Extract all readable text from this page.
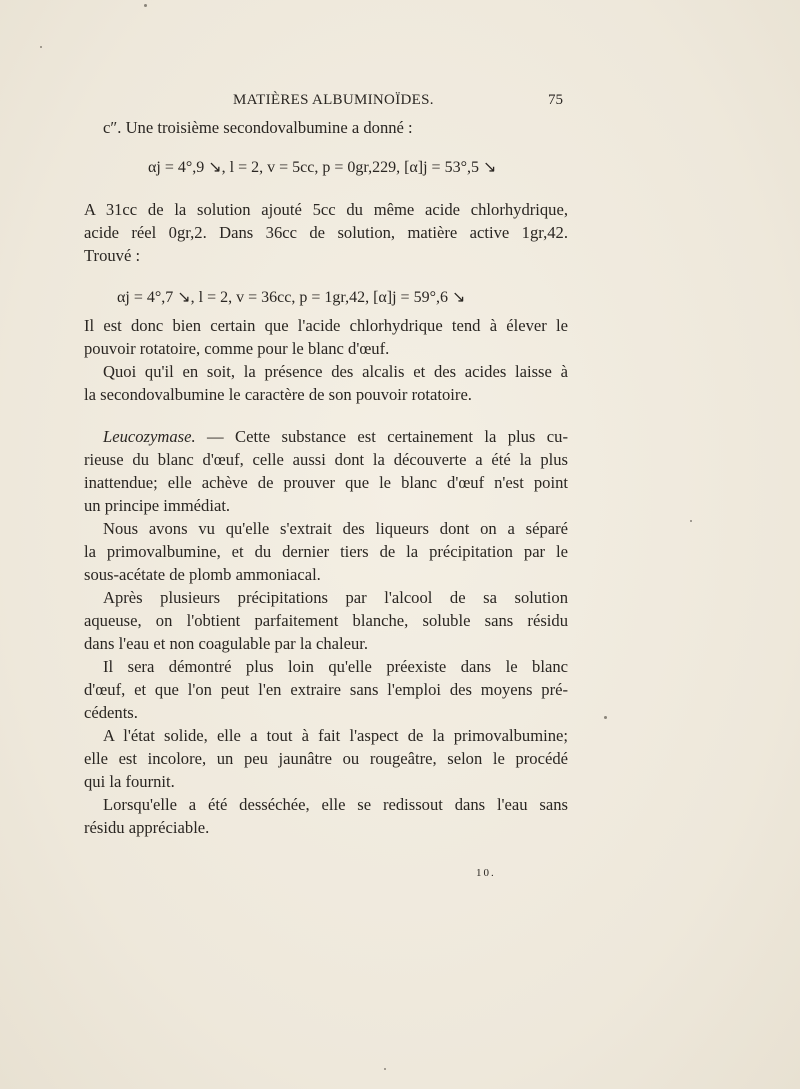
MATIÈRES ALBUMINOÏDES.	75
c″. Une troisième secondovalbumine a donné :
αj = 4°,9 ↘, l = 2, v = 5cc, p = 0gr,229, [α]j = 53°,5 ↘
A 31cc de la solution ajouté 5cc du même acide chlorhydrique,
acide réel 0gr,2. Dans 36cc de solution, matière active 1gr,42.
Trouvé :
αj = 4°,7 ↘, l = 2, v = 36cc, p = 1gr,42, [α]j = 59°,6 ↘
Il est donc bien certain que l'acide chlorhydrique tend à élever le
pouvoir rotatoire, comme pour le blanc d'œuf.
Quoi qu'il en soit, la présence des alcalis et des acides laisse à
la secondovalbumine le caractère de son pouvoir rotatoire.
Leucozymase. — Cette substance est certainement la plus cu-
rieuse du blanc d'œuf, celle aussi dont la découverte a été la plus
inattendue; elle achève de prouver que le blanc d'œuf n'est point
un principe immédiat.
Nous avons vu qu'elle s'extrait des liqueurs dont on a séparé
la primovalbumine, et du dernier tiers de la précipitation par le
sous-acétate de plomb ammoniacal.
Après plusieurs précipitations par l'alcool de sa solution
aqueuse, on l'obtient parfaitement blanche, soluble sans résidu
dans l'eau et non coagulable par la chaleur.
Il sera démontré plus loin qu'elle préexiste dans le blanc
d'œuf, et que l'on peut l'en extraire sans l'emploi des moyens pré-
cédents.
A l'état solide, elle a tout à fait l'aspect de la primovalbumine;
elle est incolore, un peu jaunâtre ou rougeâtre, selon le procédé
qui la fournit.
Lorsqu'elle a été desséchée, elle se redissout dans l'eau sans
résidu appréciable.
10.
